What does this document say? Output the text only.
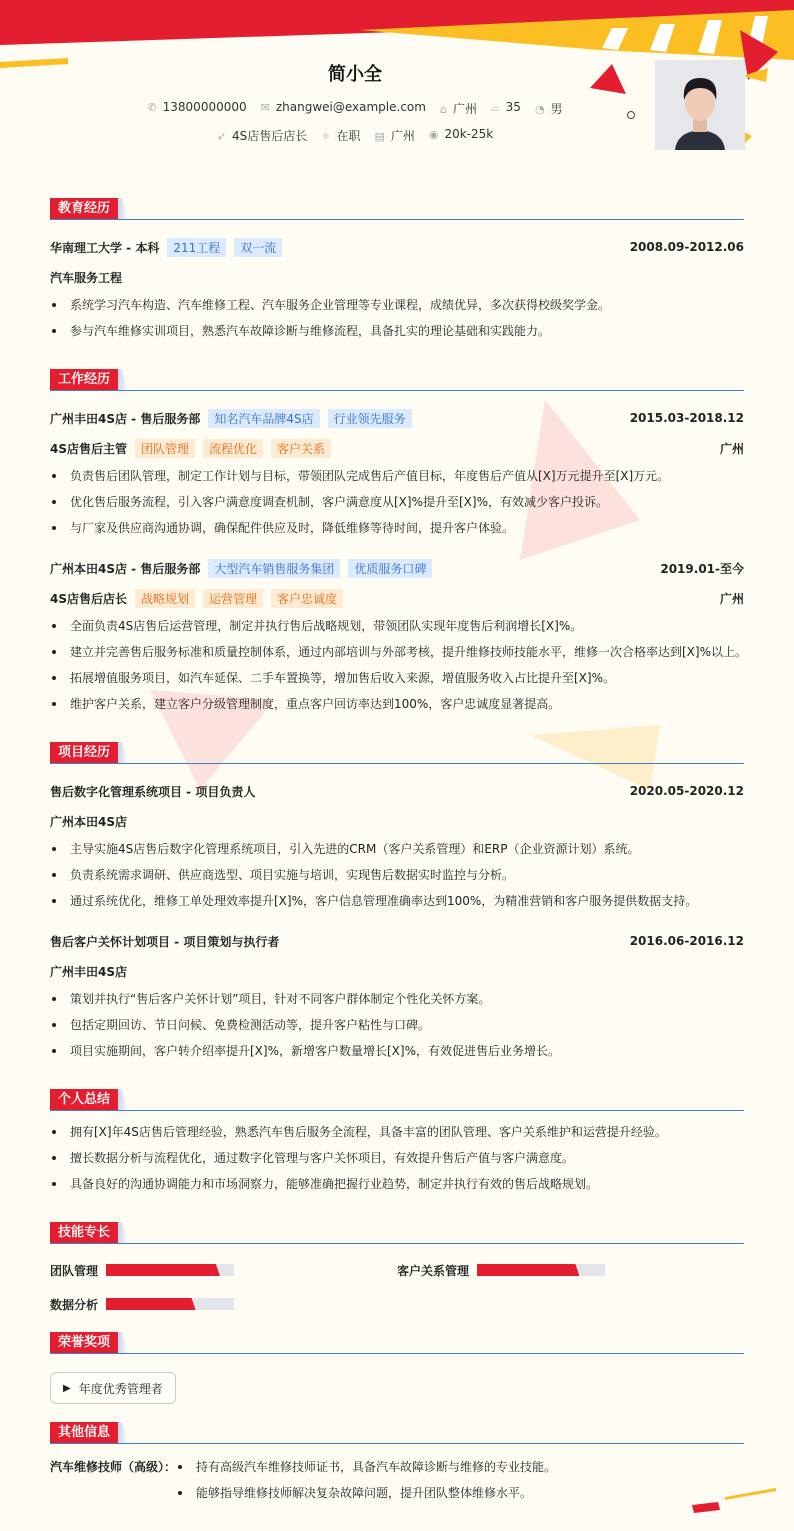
简小全
✆ 13800000000 ✉ zhangwei@example.com ⌂ 广州 ⌓ 35 ◔ 男
➶ 4S店售后店长 ✧ 在职 ▤ 广州 ◉ 20k-25k
教育经历
华南理工大学 - 本科	211工程	双一流	2008.09-2012.06
汽车服务工程
系统学习汽车构造、汽车维修工程、汽车服务企业管理等专业课程，成绩优异，多次获得校级奖学金。
参与汽车维修实训项目，熟悉汽车故障诊断与维修流程，具备扎实的理论基础和实践能力。
工作经历
广州丰田4S店 - 售后服务部	知名汽车品牌4S店	行业领先服务	2015.03-2018.12
4S店售后主管	团队管理	流程优化	客户关系	广州
负责售后团队管理，制定工作计划与目标，带领团队完成售后产值目标，年度售后产值从[X]万元提升至[X]万元。
优化售后服务流程，引入客户满意度调查机制，客户满意度从[X]%提升至[X]%，有效减少客户投诉。
与厂家及供应商沟通协调，确保配件供应及时，降低维修等待时间，提升客户体验。
广州本田4S店 - 售后服务部	大型汽车销售服务集团	优质服务口碑	2019.01-至今
4S店售后店长	战略规划	运营管理	客户忠诚度	广州
全面负责4S店售后运营管理，制定并执行售后战略规划，带领团队实现年度售后利润增长[X]%。
建立并完善售后服务标准和质量控制体系，通过内部培训与外部考核，提升维修技师技能水平，维修一次合格率达到[X]%以上。
拓展增值服务项目，如汽车延保、二手车置换等，增加售后收入来源，增值服务收入占比提升至[X]%。
维护客户关系，建立客户分级管理制度，重点客户回访率达到100%，客户忠诚度显著提高。
项目经历
售后数字化管理系统项目 - 项目负责人	2020.05-2020.12
广州本田4S店
主导实施4S店售后数字化管理系统项目，引入先进的CRM（客户关系管理）和ERP（企业资源计划）系统。
负责系统需求调研、供应商选型、项目实施与培训，实现售后数据实时监控与分析。
通过系统优化，维修工单处理效率提升[X]%，客户信息管理准确率达到100%，为精准营销和客户服务提供数据支持。
售后客户关怀计划项目 - 项目策划与执行者	2016.06-2016.12
广州丰田4S店
策划并执行“售后客户关怀计划”项目，针对不同客户群体制定个性化关怀方案。
包括定期回访、节日问候、免费检测活动等，提升客户粘性与口碑。
项目实施期间，客户转介绍率提升[X]%，新增客户数量增长[X]%，有效促进售后业务增长。
个人总结
拥有[X]年4S店售后管理经验，熟悉汽车售后服务全流程，具备丰富的团队管理、客户关系维护和运营提升经验。
擅长数据分析与流程优化，通过数字化管理与客户关怀项目，有效提升售后产值与客户满意度。
具备良好的沟通协调能力和市场洞察力，能够准确把握行业趋势，制定并执行有效的售后战略规划。
技能专长
团队管理	客户关系管理
数据分析
荣誉奖项
▶ 年度优秀管理者
其他信息
汽车维修技师（高级）：	持有高级汽车维修技师证书，具备汽车故障诊断与维修的专业技能。
能够指导维修技师解决复杂故障问题，提升团队整体维修水平。
